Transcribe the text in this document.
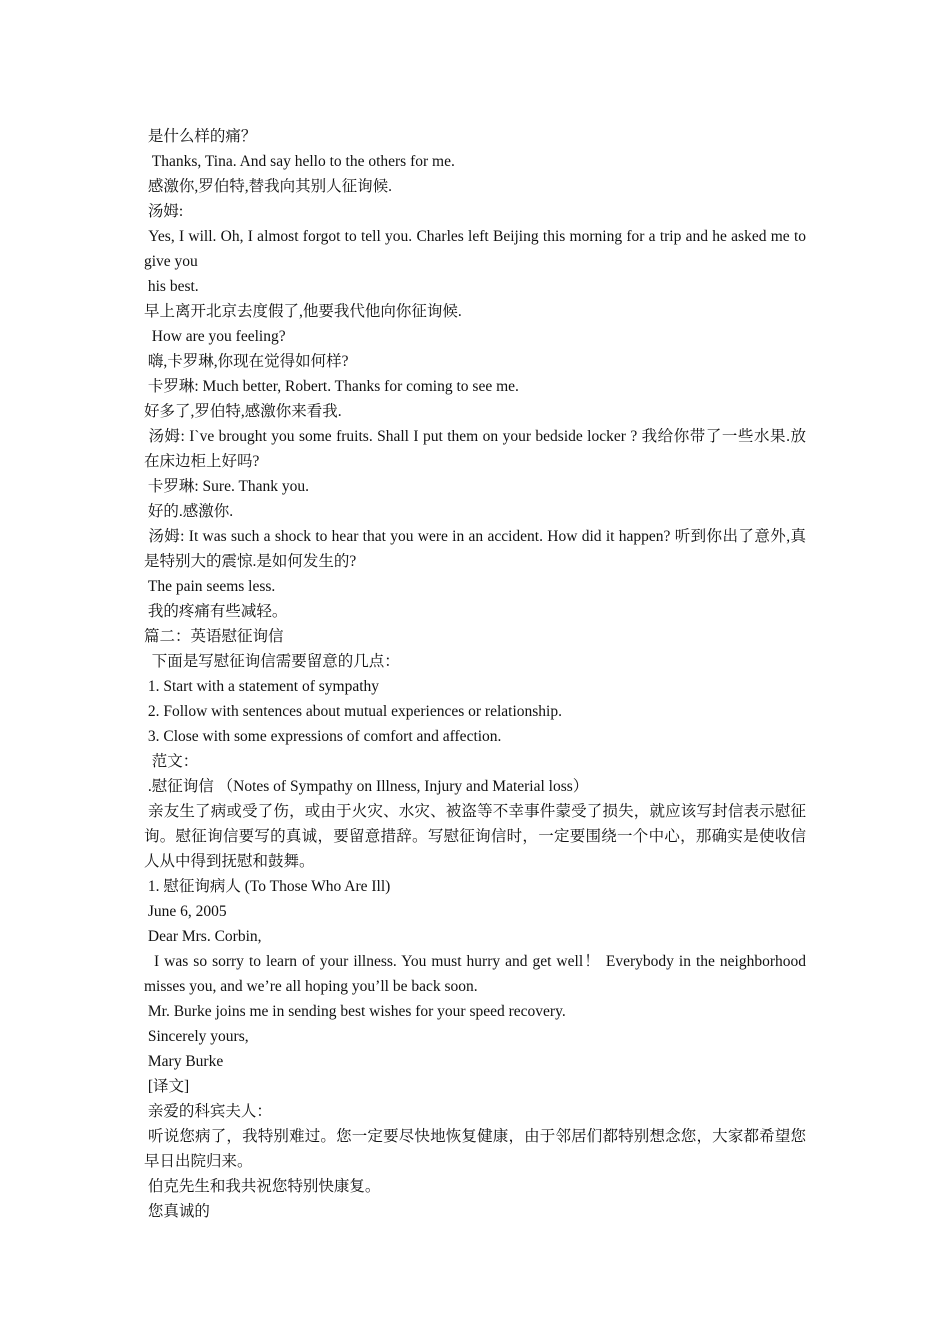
是什么样的痛？

Thanks, Tina. And say hello to the others for me.

感激你,罗伯特,替我向其别人征询候.

汤姆:

Yes, I will. Oh, I almost forgot to tell you. Charles left Beijing this morning for a trip and he asked me to give you

his best.

早上离开北京去度假了,他要我代他向你征询候.

How are you feeling?

嗨,卡罗琳,你现在觉得如何样?

卡罗琳: Much better, Robert. Thanks for coming to see me.

好多了,罗伯特,感激你来看我.

汤姆: I`ve brought you some fruits. Shall I put them on your bedside locker ? 我给你带了一些水果.放在床边柜上好吗?

卡罗琳: Sure. Thank you.

好的.感激你.

汤姆: It was such a shock to hear that you were in an accident. How did it happen? 听到你出了意外,真是特别大的震惊.是如何发生的?

The pain seems less.

我的疼痛有些减轻。

篇二：英语慰征询信

下面是写慰征询信需要留意的几点：

1. Start with a statement of sympathy

2. Follow with sentences about mutual experiences or relationship.

3. Close with some expressions of comfort and affection.

范文：

.慰征询信 （Notes of Sympathy on Illness, Injury and Material loss）

亲友生了病或受了伤，或由于火灾、水灾、被盗等不幸事件蒙受了损失，就应该写封信表示慰征询。慰征询信要写的真诚，要留意措辞。写慰征询信时，一定要围绕一个中心，那确实是使收信人从中得到抚慰和鼓舞。

1. 慰征询病人 (To Those Who Are Ill)

June 6, 2005

Dear Mrs. Corbin,

I was so sorry to learn of your illness. You must hurry and get well！ Everybody in the neighborhood misses you, and we’re all hoping you’ll be back soon.

Mr. Burke joins me in sending best wishes for your speed recovery.

Sincerely yours,

Mary Burke

[译文]

亲爱的科宾夫人：

听说您病了，我特别难过。您一定要尽快地恢复健康，由于邻居们都特别想念您，大家都希望您早日出院归来。

伯克先生和我共祝您特别快康复。

您真诚的
